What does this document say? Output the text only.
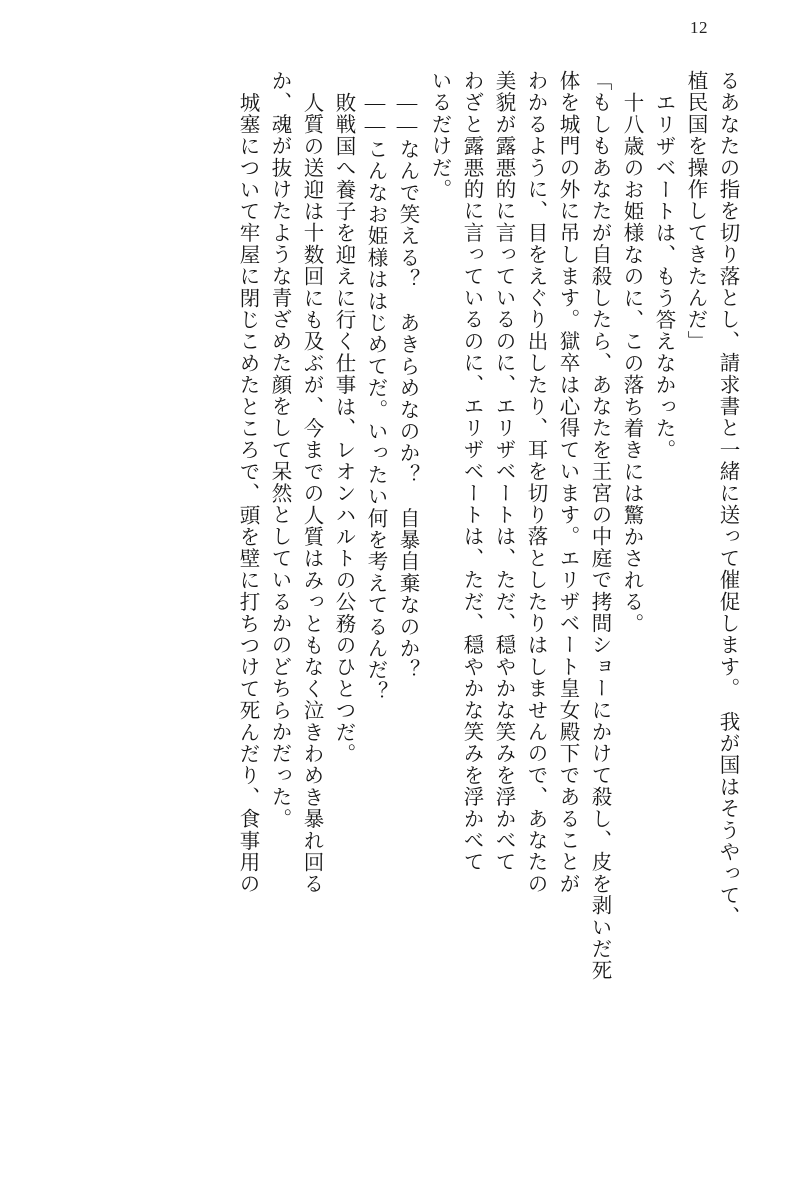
12
るあなたの指を切り落とし、請求書と一緒に送って催促します。　我が国はそうやって、
植民国を操作してきたんだ」
エリザベートは、もう答えなかった。
十八歳のお姫様なのに、この落ち着きには驚かされる。
「もしもあなたが自殺したら、あなたを王宮の中庭で拷問ショーにかけて殺し、皮を剥いだ死
体を城門の外に吊します。獄卒は心得ています。エリザベート皇女殿下であることが
わかるように、目をえぐり出したり、耳を切り落としたりはしませんので、あなたの
美貌が露悪的に言っているのに、エリザベートは、ただ、穏やかな笑みを浮かべて
わざと露悪的に言っているのに、エリザベートは、ただ、穏やかな笑みを浮かべて
いるだけだ。
――なんで笑える？　あきらめなのか？　自暴自棄なのか？
――こんなお姫様ははじめてだ。いったい何を考えてるんだ？
敗戦国へ養子を迎えに行く仕事は、レオンハルトの公務のひとつだ。
人質の送迎は十数回にも及ぶが、今までの人質はみっともなく泣きわめき暴れ回る
か、魂が抜けたような青ざめた顔をして呆然としているかのどちらかだった。
城塞について牢屋に閉じこめたところで、頭を壁に打ちつけて死んだり、食事用の
